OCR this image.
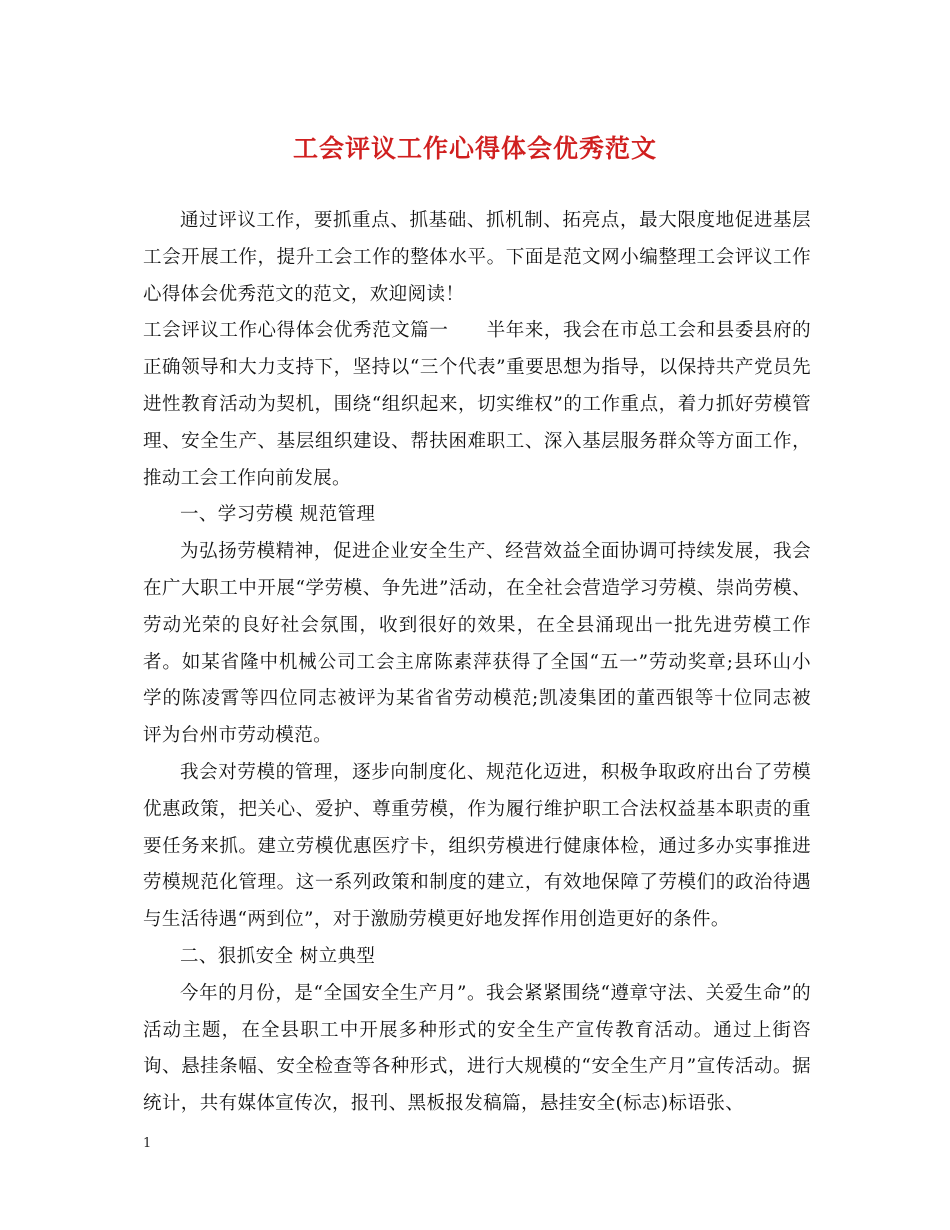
工会评议工作心得体会优秀范文

通过评议工作，要抓重点、抓基础、抓机制、拓亮点，最大限度地促进基层工会开展工作，提升工会工作的整体水平。下面是范文网小编整理工会评议工作心得体会优秀范文的范文，欢迎阅读！

工会评议工作心得体会优秀范文篇一　　半年来，我会在市总工会和县委县府的正确领导和大力支持下，坚持以“三个代表”重要思想为指导，以保持共产党员先进性教育活动为契机，围绕“组织起来，切实维权”的工作重点，着力抓好劳模管理、安全生产、基层组织建设、帮扶困难职工、深入基层服务群众等方面工作，推动工会工作向前发展。

一、学习劳模 规范管理

为弘扬劳模精神，促进企业安全生产、经营效益全面协调可持续发展，我会在广大职工中开展“学劳模、争先进”活动，在全社会营造学习劳模、崇尚劳模、劳动光荣的良好社会氛围，收到很好的效果，在全县涌现出一批先进劳模工作者。如某省隆中机械公司工会主席陈素萍获得了全国“五一”劳动奖章;县环山小学的陈凌霄等四位同志被评为某省省劳动模范;凯凌集团的董西银等十位同志被评为台州市劳动模范。

我会对劳模的管理，逐步向制度化、规范化迈进，积极争取政府出台了劳模优惠政策，把关心、爱护、尊重劳模，作为履行维护职工合法权益基本职责的重要任务来抓。建立劳模优惠医疗卡，组织劳模进行健康体检，通过多办实事推进劳模规范化管理。这一系列政策和制度的建立，有效地保障了劳模们的政治待遇与生活待遇“两到位”，对于激励劳模更好地发挥作用创造更好的条件。

二、狠抓安全 树立典型

今年的月份，是“全国安全生产月”。我会紧紧围绕“遵章守法、关爱生命”的活动主题，在全县职工中开展多种形式的安全生产宣传教育活动。通过上街咨询、悬挂条幅、安全检查等各种形式，进行大规模的“安全生产月”宣传活动。据统计，共有媒体宣传次，报刊、黑板报发稿篇，悬挂安全(标志)标语张、

1
